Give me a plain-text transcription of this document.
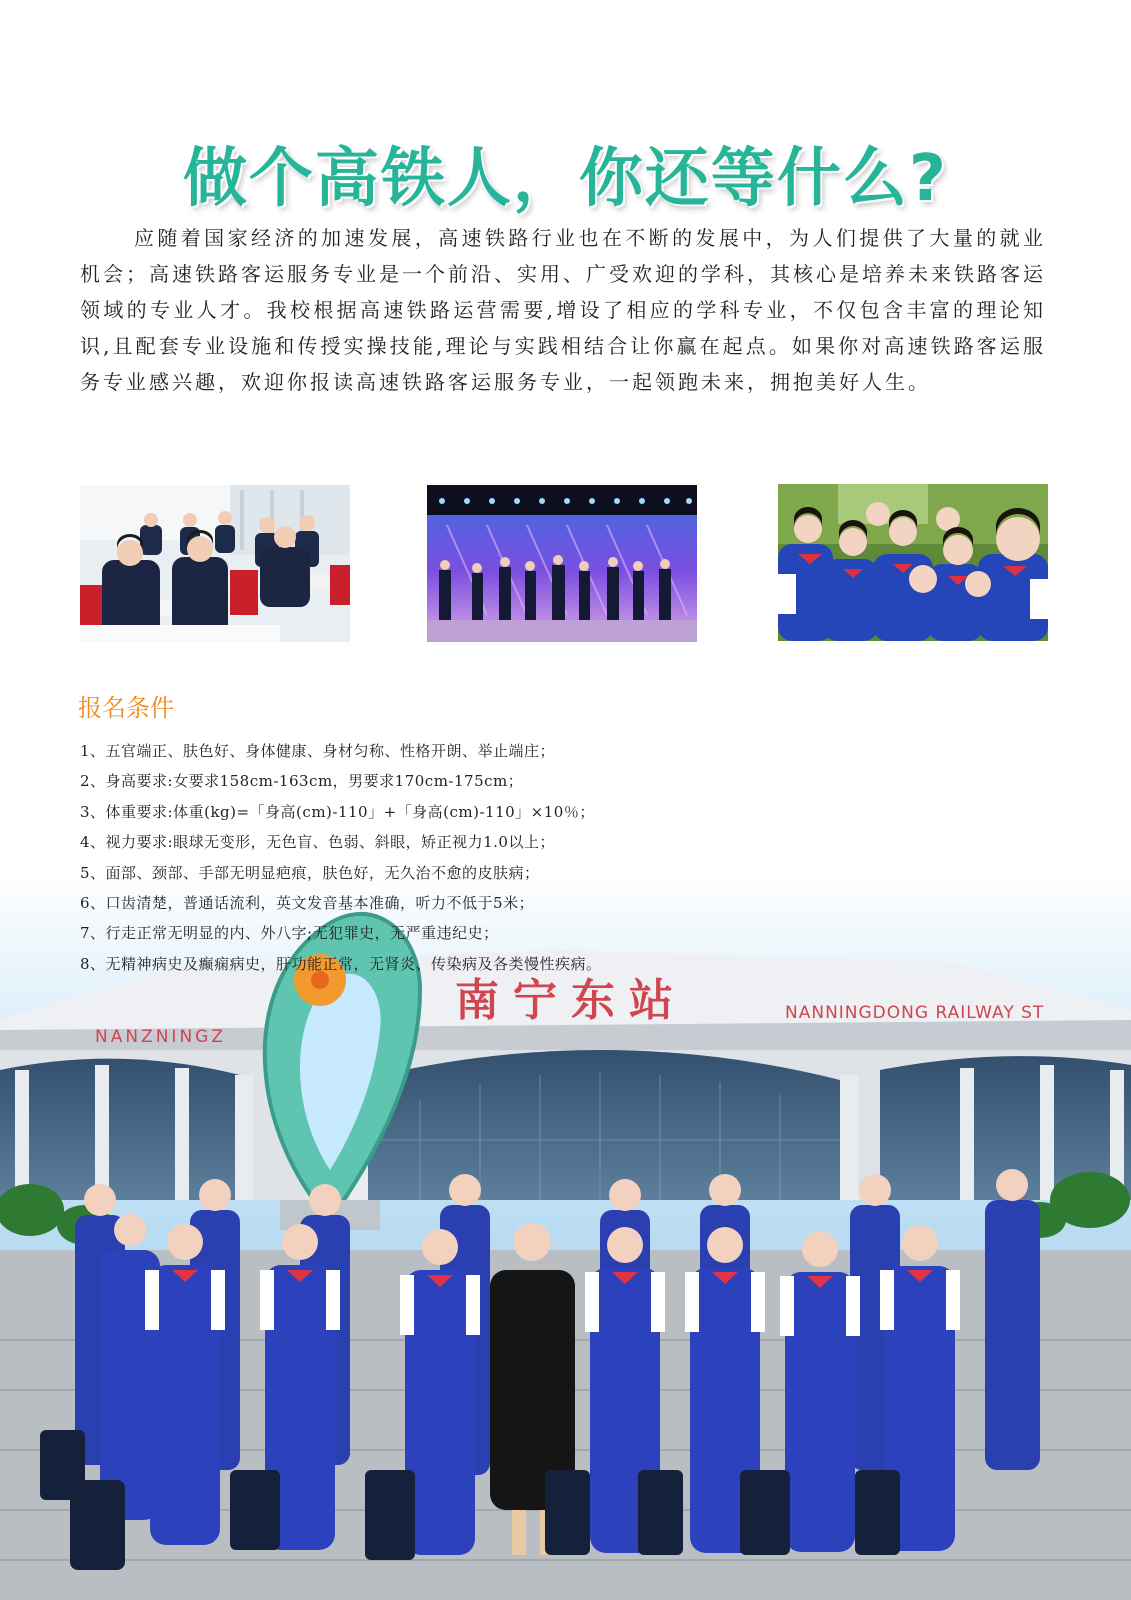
做个高铁人，你还等什么?

应随着国家经济的加速发展，高速铁路行业也在不断的发展中，为人们提供了大量的就业机会；高速铁路客运服务专业是一个前沿、实用、广受欢迎的学科，其核心是培养未来铁路客运领域的专业人才。我校根据高速铁路运营需要,增设了相应的学科专业，不仅包含丰富的理论知识,且配套专业设施和传授实操技能,理论与实践相结合让你赢在起点。如果你对高速铁路客运服务专业感兴趣，欢迎你报读高速铁路客运服务专业，一起领跑未来，拥抱美好人生。

报名条件
1、五官端正、肤色好、身体健康、身材匀称、性格开朗、举止端庄；
2、身高要求:女要求158cm-163cm，男要求170cm-175cm；
3、体重要求:体重(kg)=「身高(cm)-110」+「身高(cm)-110」×10％；
4、视力要求:眼球无变形，无色盲、色弱、斜眼，矫正视力1.0以上；
5、面部、颈部、手部无明显疤痕，肤色好，无久治不愈的皮肤病；
6、口齿清楚，普通话流利，英文发音基本准确，听力不低于5米；
7、行走正常无明显的内、外八字;无犯罪史，无严重违纪史；
8、无精神病史及癫痫病史，肝功能正常，无肾炎、传染病及各类慢性疾病。
南宁东站
NANZNINGZ
NANNINGDONG RAILWAY ST
